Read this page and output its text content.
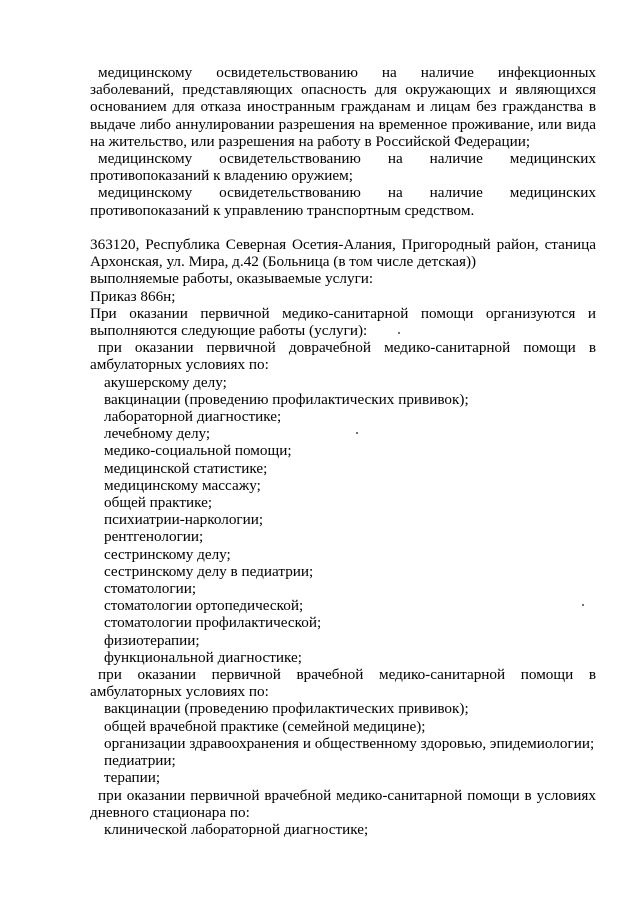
медицинскому освидетельствованию на наличие инфекционных

заболеваний, представляющих опасность для окружающих и являющихся

основанием для отказа иностранным гражданам и лицам без гражданства в

выдаче либо аннулировании разрешения на временное проживание, или вида

на жительство, или разрешения на работу в Российской Федерации;

медицинскому освидетельствованию на наличие медицинских

противопоказаний к владению оружием;

медицинскому освидетельствованию на наличие медицинских

противопоказаний к управлению транспортным средством.

363120, Республика Северная Осетия-Алания, Пригородный район, станица

Архонская, ул. Мира, д.42 (Больница (в том числе детская))

выполняемые работы, оказываемые услуги:

Приказ 866н;

При оказании первичной медико-санитарной помощи организуются и

выполняются следующие работы (услуги):

при оказании первичной доврачебной медико-санитарной помощи в

амбулаторных условиях по:

акушерскому делу;

вакцинации (проведению профилактических прививок);

лабораторной диагностике;

лечебному делу;

медико-социальной помощи;

медицинской статистике;

медицинскому массажу;

общей практике;

психиатрии-наркологии;

рентгенологии;

сестринскому делу;

сестринскому делу в педиатрии;

стоматологии;

стоматологии ортопедической;

стоматологии профилактической;

физиотерапии;

функциональной диагностике;

при оказании первичной врачебной медико-санитарной помощи в

амбулаторных условиях по:

вакцинации (проведению профилактических прививок);

общей врачебной практике (семейной медицине);

организации здравоохранения и общественному здоровью, эпидемиологии;

педиатрии;

терапии;

при оказании первичной врачебной медико-санитарной помощи в условиях

дневного стационара по:

клинической лабораторной диагностике;
